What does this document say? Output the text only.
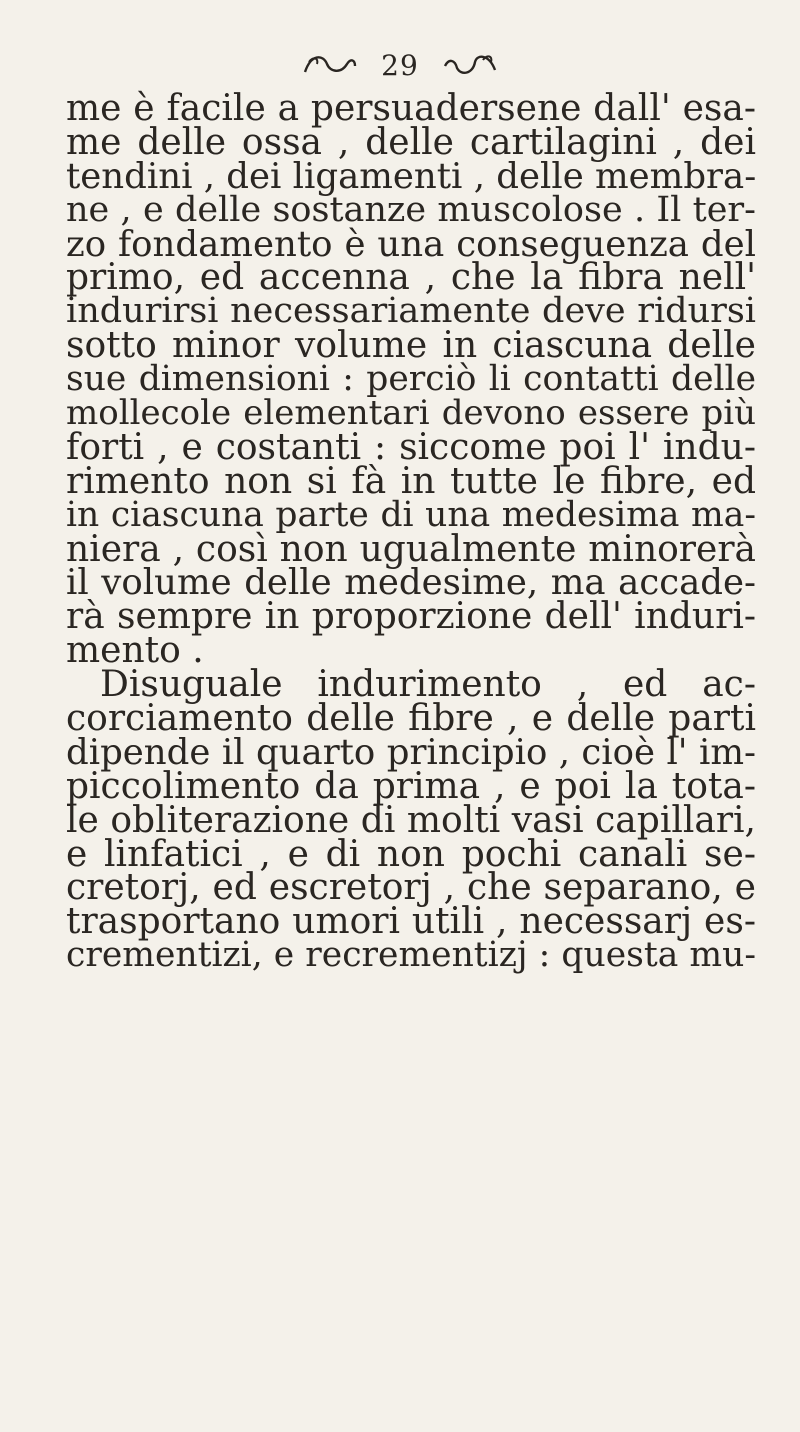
29
me è facile a persuadersene dall' esa-
me delle ossa , delle cartilagini , dei
tendini , dei ligamenti , delle membra-
ne , e delle sostanze muscolose . Il ter-
zo fondamento è una conseguenza del
primo, ed accenna , che la fibra nell'
indurirsi necessariamente deve ridursi
sotto minor volume in ciascuna delle
sue dimensioni : perciò li contatti delle
mollecole elementari devono essere più
forti , e costanti : siccome poi l' indu-
rimento non si fà in tutte le fibre, ed
in ciascuna parte di una medesima ma-
niera , così non ugualmente minorerà
il volume delle medesime, ma accade-
rà sempre in proporzione dell' induri-
mento .
Disuguale indurimento , ed ac-
corciamento delle fibre , e delle parti
dipende il quarto principio , cioè l' im-
piccolimento da prima , e poi la tota-
le obliterazione di molti vasi capillari,
e linfatici , e di non pochi canali se-
cretorj, ed escretorj , che separano, e
trasportano umori utili , necessarj es-
crementizi, e recrementizj : questa mu-
